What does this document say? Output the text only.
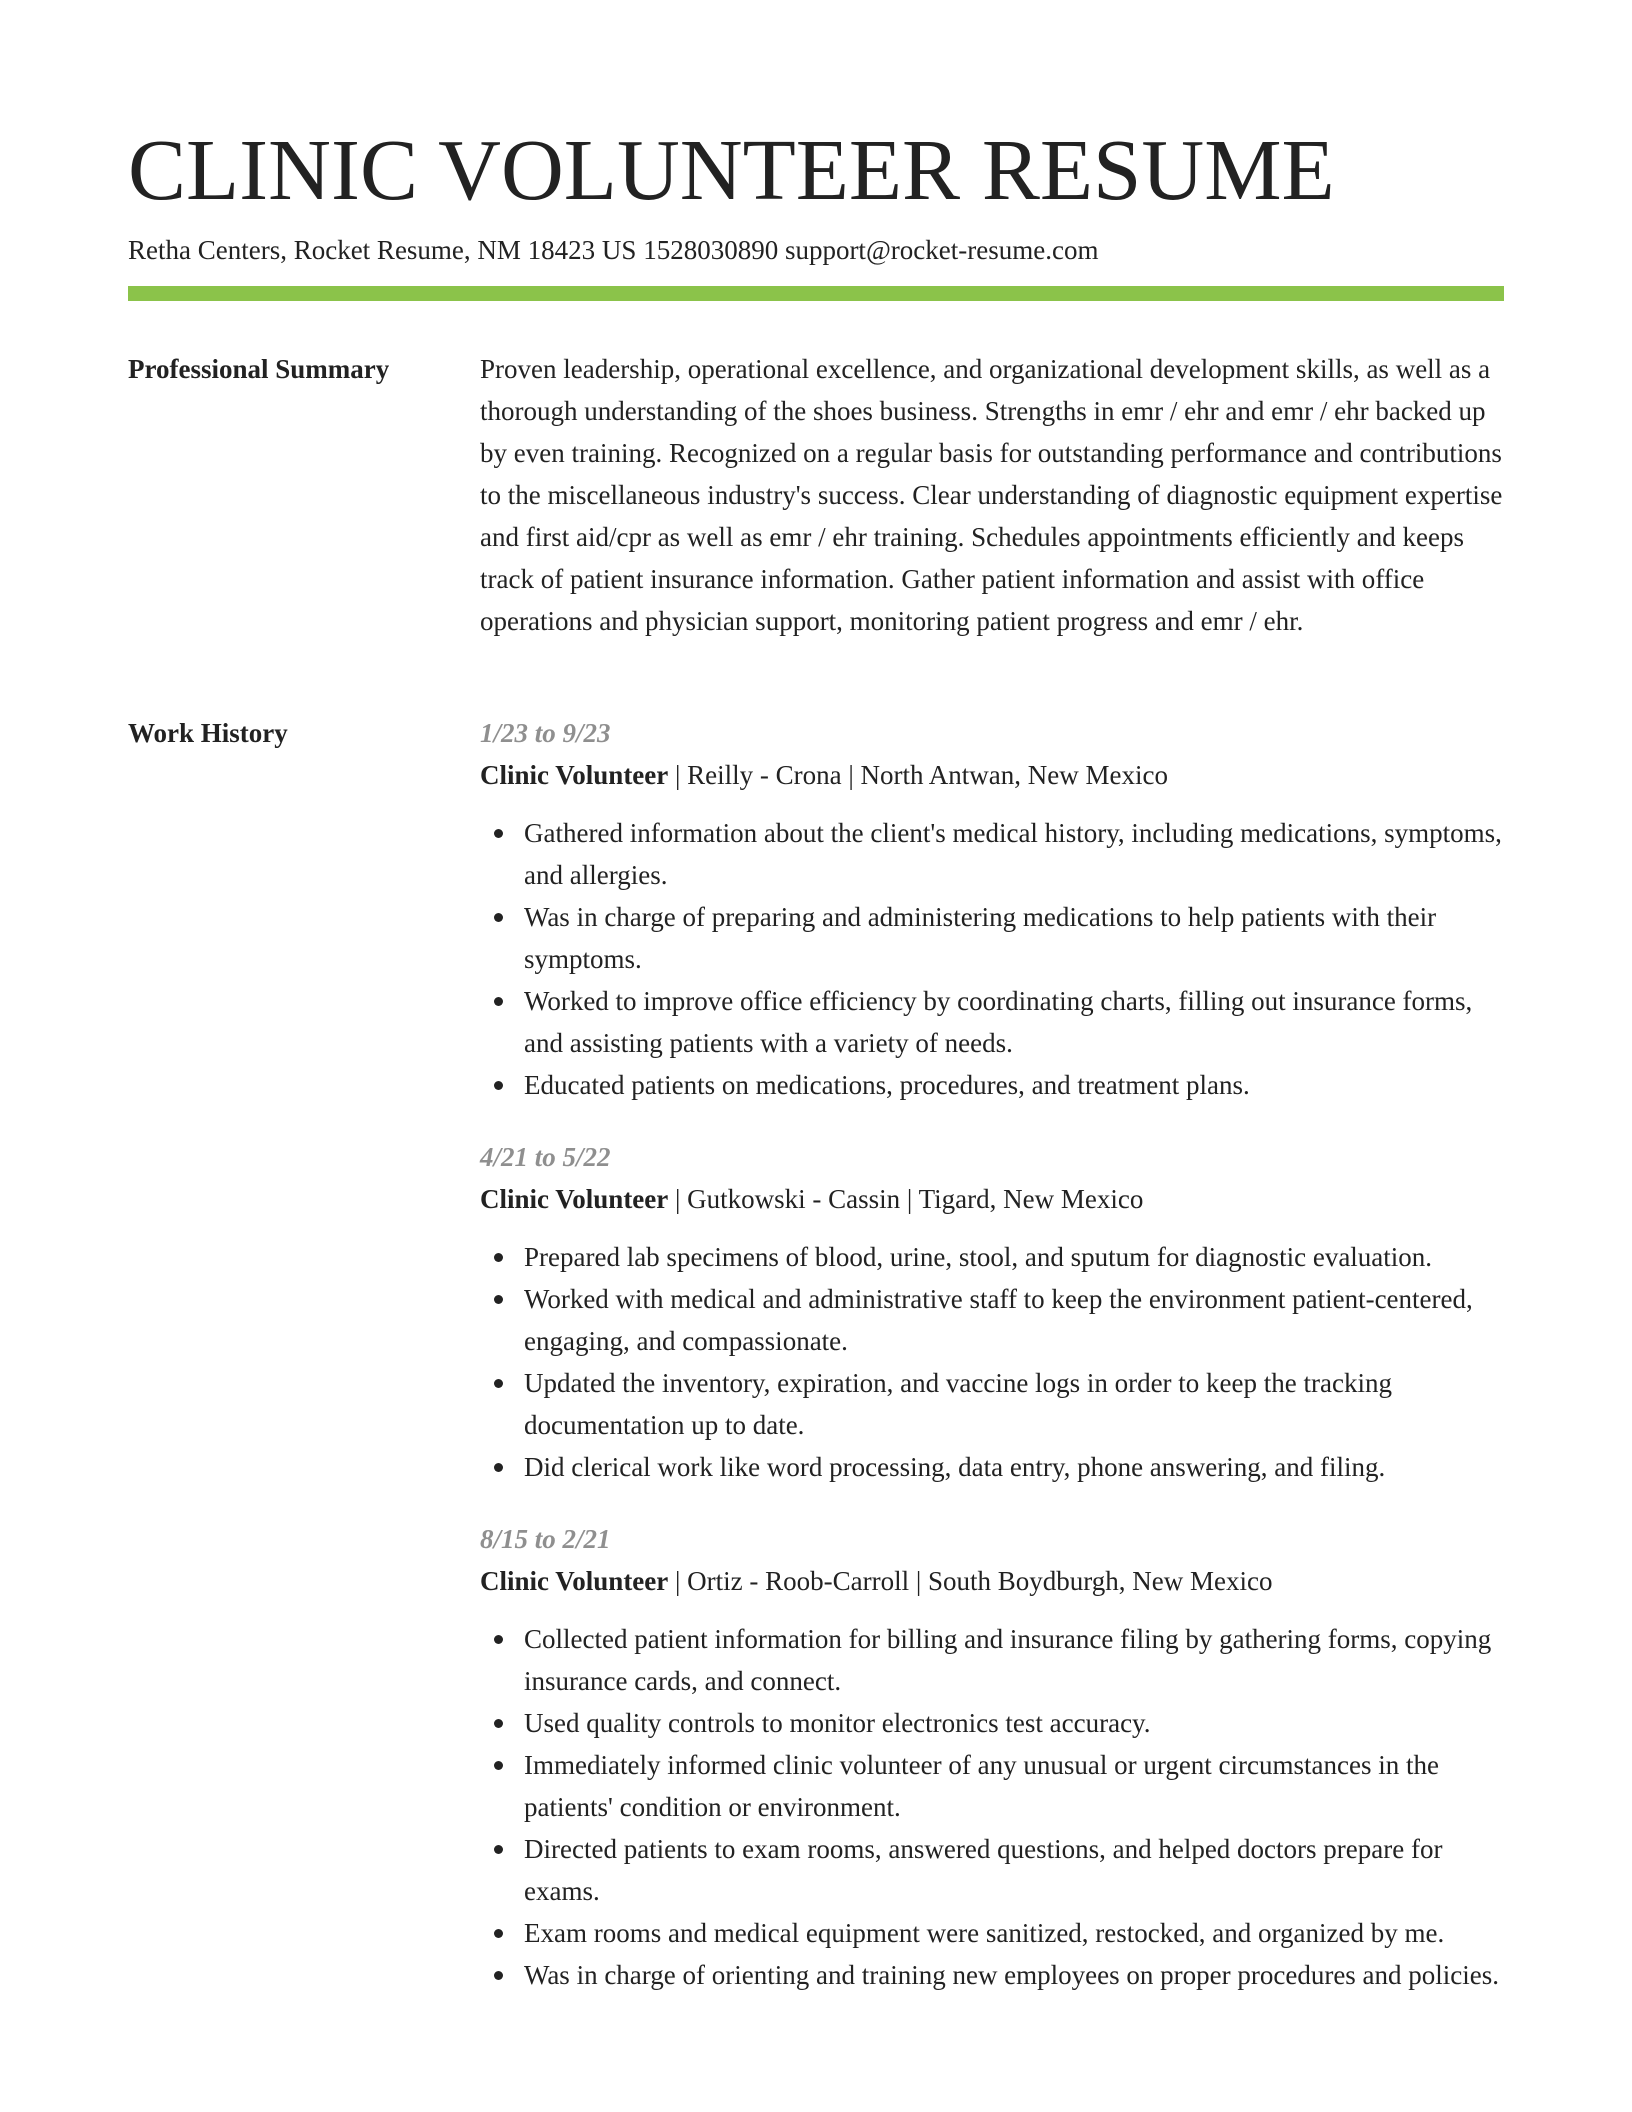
CLINIC VOLUNTEER RESUME
Retha Centers, Rocket Resume, NM 18423 US 1528030890 support@rocket-resume.com
Professional Summary	Proven leadership, operational excellence, and organizational development skills, as well as a thorough understanding of the shoes business. Strengths in emr / ehr and emr / ehr backed up by even training. Recognized on a regular basis for outstanding performance and contributions to the miscellaneous industry's success. Clear understanding of diagnostic equipment expertise and first aid/cpr as well as emr / ehr training. Schedules appointments efficiently and keeps track of patient insurance information. Gather patient information and assist with office operations and physician support, monitoring patient progress and emr / ehr.

Work History	1/23 to 9/23
Clinic Volunteer | Reilly - Crona | North Antwan, New Mexico
Gathered information about the client's medical history, including medications, symptoms, and allergies.
Was in charge of preparing and administering medications to help patients with their symptoms.
Worked to improve office efficiency by coordinating charts, filling out insurance forms, and assisting patients with a variety of needs.
Educated patients on medications, procedures, and treatment plans.
4/21 to 5/22
Clinic Volunteer | Gutkowski - Cassin | Tigard, New Mexico
Prepared lab specimens of blood, urine, stool, and sputum for diagnostic evaluation.
Worked with medical and administrative staff to keep the environment patient-centered, engaging, and compassionate.
Updated the inventory, expiration, and vaccine logs in order to keep the tracking documentation up to date.
Did clerical work like word processing, data entry, phone answering, and filing.
8/15 to 2/21
Clinic Volunteer | Ortiz - Roob-Carroll | South Boydburgh, New Mexico
Collected patient information for billing and insurance filing by gathering forms, copying insurance cards, and connect.
Used quality controls to monitor electronics test accuracy.
Immediately informed clinic volunteer of any unusual or urgent circumstances in the patients' condition or environment.
Directed patients to exam rooms, answered questions, and helped doctors prepare for exams.
Exam rooms and medical equipment were sanitized, restocked, and organized by me.
Was in charge of orienting and training new employees on proper procedures and policies.
